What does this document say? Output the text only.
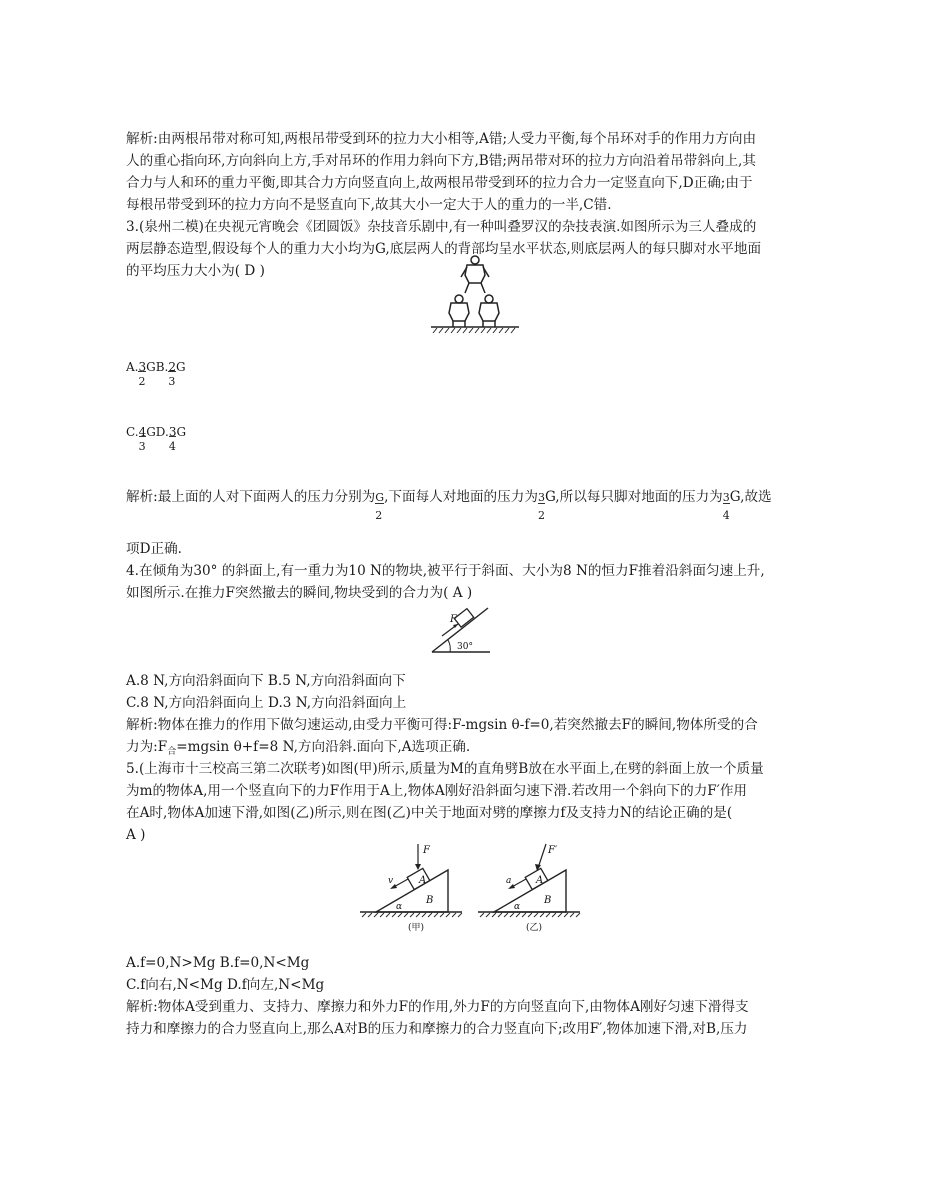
解析:由两根吊带对称可知,两根吊带受到环的拉力大小相等,A错;人受力平衡,每个吊环对手的作用力方向由
人的重心指向环,方向斜向上方,手对吊环的作用力斜向下方,B错;两吊带对环的拉力方向沿着吊带斜向上,其
合力与人和环的重力平衡,即其合力方向竖直向上,故两根吊带受到环的拉力合力一定竖直向下,D正确;由于
每根吊带受到环的拉力方向不是竖直向下,故其大小一定大于人的重力的一半,C错.
3.(泉州二模)在央视元宵晚会《团圆饭》杂技音乐剧中,有一种叫叠罗汉的杂技表演.如图所示为三人叠成的
两层静态造型,假设每个人的重力大小均为G,底层两人的背部均呈水平状态,则底层两人的每只脚对水平地面
的平均压力大小为( D )
A.3
2
GB.2
3
G
C.4
3
GD.3
4
G
解析:最上面的人对下面两人的压力分别为$\frac{G}{2}$ ,下面每人对地面的压力为$\frac{3}{2} G$,所以每只脚对地面的压力为$\frac{3}{4} G$,故选
项D正确.
4.在倾角为30° 的斜面上,有一重力为10 N的物块,被平行于斜面、大小为8 N的恒力F推着沿斜面匀速上升,
如图所示.在推力F突然撤去的瞬间,物块受到的合力为( A )
F
30°
A.8 N,方向沿斜面向下 B.5 N,方向沿斜面向下
C.8 N,方向沿斜面向上 D.3 N,方向沿斜面向上
解析:物体在推力的作用下做匀速运动,由受力平衡可得:F-mgsin θ-f=0,若突然撤去F的瞬间,物体所受的合
力为$:F_合=mgsin$ θ+f=8 N,方向沿斜.面向下,A选项正确.
5.(上海市十三校高三第二次联考)如图(甲)所示,质量为M的直角劈B放在水平面上,在劈的斜面上放一个质量
为m的物体A,用一个竖直向下的力F作用于A上,物体A刚好沿斜面匀速下滑.若改用一个斜向下的力F′作用
在A时,物体A加速下滑,如图(乙)所示,则在图(乙)中关于地面对劈的摩擦力f及支持力N的结论正确的是(
A )
A
F
v
B
α
(甲)
A
F′
a
B
α
(乙)
A.f=0,N>Mg B.f=0,N<Mg
C.f向右,N<Mg D.f向左,N<Mg
解析:物体A受到重力、支持力、摩擦力和外力F的作用,外力F的方向竖直向下,由物体A刚好匀速下滑得支
持力和摩擦力的合力竖直向上,那么A对B的压力和摩擦力的合力竖直向下;改用F′,物体加速下滑,对B,压力
